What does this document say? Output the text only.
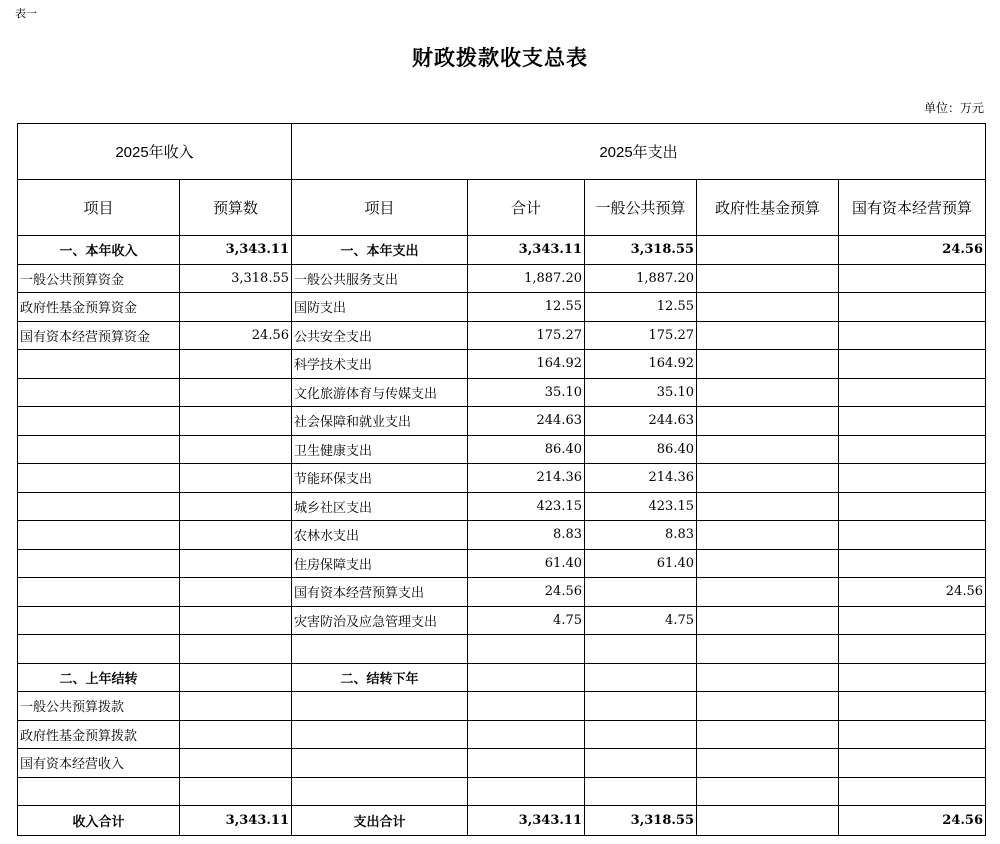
表一
财政拨款收支总表
单位：万元
2025年收入		2025年支出				
项目	预算数	项目	合计	一般公共预算	政府性基金预算	国有资本经营预算
一、本年收入	3,343.11	一、本年支出	3,343.11	3,318.55		24.56
一般公共预算资金	3,318.55	一般公共服务支出	1,887.20	1,887.20		
政府性基金预算资金		国防支出	12.55	12.55		
国有资本经营预算资金	24.56	公共安全支出	175.27	175.27		
		科学技术支出	164.92	164.92		
		文化旅游体育与传媒支出	35.10	35.10		
		社会保障和就业支出	244.63	244.63		
		卫生健康支出	86.40	86.40		
		节能环保支出	214.36	214.36		
		城乡社区支出	423.15	423.15		
		农林水支出	8.83	8.83		
		住房保障支出	61.40	61.40		
		国有资本经营预算支出	24.56			24.56
		灾害防治及应急管理支出	4.75	4.75		

二、上年结转		二、结转下年				
一般公共预算拨款						
政府性基金预算拨款						
国有资本经营收入						

收入合计	3,343.11	支出合计	3,343.11	3,318.55		24.56
